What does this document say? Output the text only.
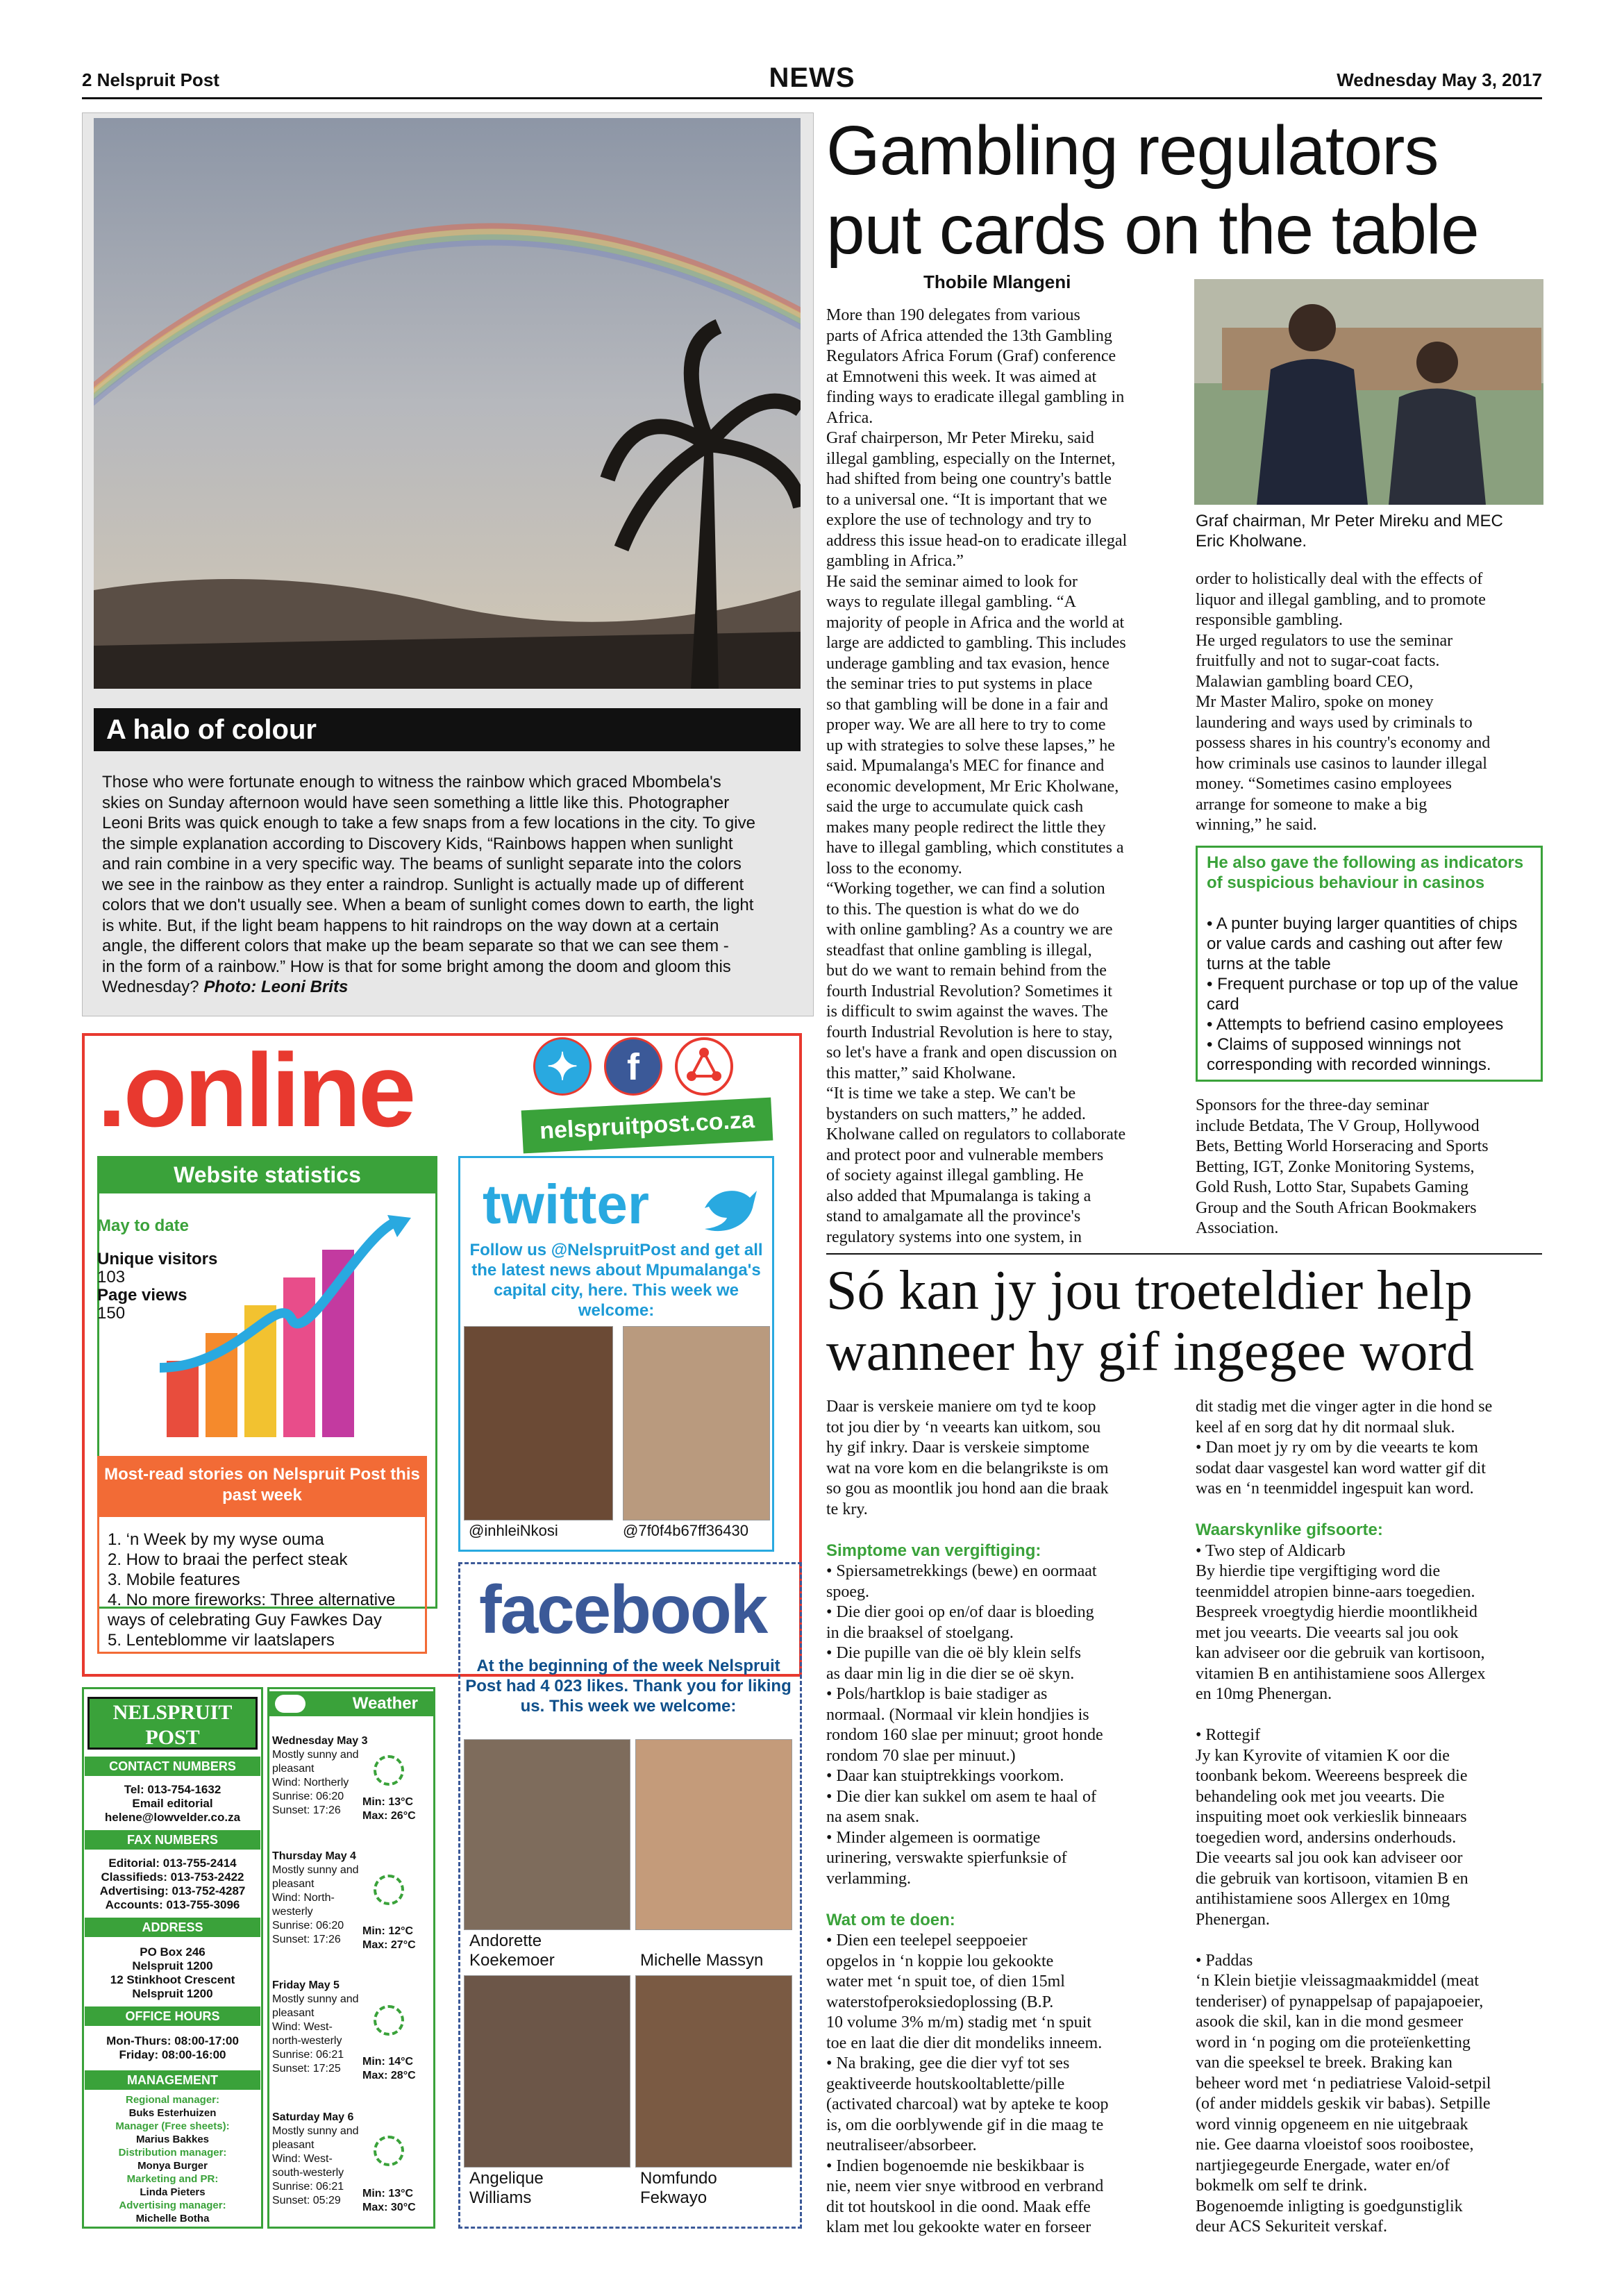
2 Nelspruit Post	NEWS	Wednesday May 3, 2017
A halo of colour
Those who were fortunate enough to witness the rainbow which graced Mbombela's
skies on Sunday afternoon would have seen something a little like this. Photographer
Leoni Brits was quick enough to take a few snaps from a few locations in the city. To give
the simple explanation according to Discovery Kids, “Rainbows happen when sunlight
and rain combine in a very specific way. The beams of sunlight separate into the colors
we see in the rainbow as they enter a raindrop. Sunlight is actually made up of different
colors that we don't usually see. When a beam of sunlight comes down to earth, the light
is white. But, if the light beam happens to hit raindrops on the way down at a certain
angle, the different colors that make up the beam separate so that we can see them -
in the form of a rainbow.” How is that for some bright among the doom and gloom this
Wednesday? Photo: Leoni Brits
.online	✦	f
nelspruitpost.co.za
Website statistics
May to date
Unique visitors
103
Page views
150
Most-read stories on Nelspruit Post this past week
1. ‘n Week by my wyse ouma
2. How to braai the perfect steak
3. Mobile features
4. No more fireworks: Three alternative ways of celebrating Guy Fawkes Day
5. Lenteblomme vir laatslapers
twitter
Follow us @NelspruitPost and get all the latest news about Mpumalanga's capital city, here. This week we welcome:
@inhleiNkosi	@7f0f4b67ff36430
facebook
At the beginning of the week Nelspruit Post had 4 023 likes. Thank you for liking us. This week we welcome:
Andorette
Koekemoer	Michelle Massyn
Angelique
Williams
Nomfundo
Fekwayo
NELSPRUIT
POST
CONTACT NUMBERS
Tel: 013-754-1632
Email editorial
helene@lowvelder.co.za
FAX NUMBERS
Editorial: 013-755-2414
Classifieds: 013-753-2422
Advertising: 013-752-4287
Accounts: 013-755-3096
ADDRESS
PO Box 246
Nelspruit 1200
12 Stinkhoot Crescent
Nelspruit 1200
OFFICE HOURS
Mon-Thurs: 08:00-17:00
Friday: 08:00-16:00
MANAGEMENT
Regional manager:
Buks Esterhuizen
Manager (Free sheets):
Marius Bakkes
Distribution manager:
Monya Burger
Marketing and PR:
Linda Pieters
Advertising manager:
Michelle Botha
Weather
Wednesday May 3
Mostly sunny and
pleasant
Wind: Northerly
Sunrise: 06:20
Sunset: 17:26
Min: 13°C
Max: 26°C
Thursday May 4
Mostly sunny and
pleasant
Wind: North-
westerly
Sunrise: 06:20
Sunset: 17:26
Min: 12°C
Max: 27°C
Friday May 5
Mostly sunny and
pleasant
Wind: West-
north-westerly
Sunrise: 06:21
Sunset: 17:25
Min: 14°C
Max: 28°C
Saturday May 6
Mostly sunny and
pleasant
Wind: West-
south-westerly
Sunrise: 06:21
Sunset: 05:29
Min: 13°C
Max: 30°C
Gambling regulators
put cards on the table
Thobile Mlangeni
More than 190 delegates from various
parts of Africa attended the 13th Gambling
Regulators Africa Forum (Graf) conference
at Emnotweni this week. It was aimed at
finding ways to eradicate illegal gambling in
Africa.
Graf chairperson, Mr Peter Mireku, said
illegal gambling, especially on the Internet,
had shifted from being one country's battle
to a universal one. “It is important that we
explore the use of technology and try to
address this issue head-on to eradicate illegal
gambling in Africa.”
He said the seminar aimed to look for
ways to regulate illegal gambling. “A
majority of people in Africa and the world at
large are addicted to gambling. This includes
underage gambling and tax evasion, hence
the seminar tries to put systems in place
so that gambling will be done in a fair and
proper way. We are all here to try to come
up with strategies to solve these lapses,” he
said. Mpumalanga's MEC for finance and
economic development, Mr Eric Kholwane,
said the urge to accumulate quick cash
makes many people redirect the little they
have to illegal gambling, which constitutes a
loss to the economy.
“Working together, we can find a solution
to this. The question is what do we do
with online gambling? As a country we are
steadfast that online gambling is illegal,
but do we want to remain behind from the
fourth Industrial Revolution? Sometimes it
is difficult to swim against the waves. The
fourth Industrial Revolution is here to stay,
so let's have a frank and open discussion on
this matter,” said Kholwane.
“It is time we take a step. We can't be
bystanders on such matters,” he added.
Kholwane called on regulators to collaborate
and protect poor and vulnerable members
of society against illegal gambling. He
also added that Mpumalanga is taking a
stand to amalgamate all the province's
regulatory systems into one system, in
Graf chairman, Mr Peter Mireku and MEC
Eric Kholwane.
order to holistically deal with the effects of
liquor and illegal gambling, and to promote
responsible gambling.
He urged regulators to use the seminar
fruitfully and not to sugar-coat facts.
Malawian gambling board CEO,
Mr Master Maliro, spoke on money
laundering and ways used by criminals to
possess shares in his country's economy and
how criminals use casinos to launder illegal
money. “Sometimes casino employees
arrange for someone to make a big
winning,” he said.
He also gave the following as indicators of suspicious behaviour in casinos
• A punter buying larger quantities of chips or value cards and cashing out after few turns at the table
• Frequent purchase or top up of the value card
• Attempts to befriend casino employees
• Claims of supposed winnings not corresponding with recorded winnings.
Sponsors for the three-day seminar
include Betdata, The V Group, Hollywood
Bets, Betting World Horseracing and Sports
Betting, IGT, Zonke Monitoring Systems,
Gold Rush, Lotto Star, Supabets Gaming
Group and the South African Bookmakers
Association.
Só kan jy jou troeteldier help
wanneer hy gif ingegee word
Daar is verskeie maniere om tyd te koop
tot jou dier by ‘n veearts kan uitkom, sou
hy gif inkry. Daar is verskeie simptome
wat na vore kom en die belangrikste is om
so gou as moontlik jou hond aan die braak
te kry.

Simptome van vergiftiging:
• Spiersametrekkings (bewe) en oormaat
spoeg.
• Die dier gooi op en/of daar is bloeding
in die braaksel of stoelgang.
• Die pupille van die oë bly klein selfs
as daar min lig in die dier se oë skyn.
• Pols/hartklop is baie stadiger as
normaal. (Normaal vir klein hondjies is
rondom 160 slae per minuut; groot honde
rondom 70 slae per minuut.)
• Daar kan stuiptrekkings voorkom.
• Die dier kan sukkel om asem te haal of
na asem snak.
• Minder algemeen is oormatige
urinering, verswakte spierfunksie of
verlamming.

Wat om te doen:
• Dien een teelepel seeppoeier
opgelos in ‘n koppie lou gekookte
water met ‘n spuit toe, of dien 15ml
waterstofperoksiedoplossing (B.P.
10 volume 3% m/m) stadig met ‘n spuit
toe en laat die dier dit mondeliks inneem.
• Na braking, gee die dier vyf tot ses
geaktiveerde houtskooltablette/pille
(activated charcoal) wat by apteke te koop
is, om die oorblywende gif in die maag te
neutraliseer/absorbeer.
• Indien bogenoemde nie beskikbaar is
nie, neem vier snye witbrood en verbrand
dit tot houtskool in die oond. Maak effe
klam met lou gekookte water en forseer
dit stadig met die vinger agter in die hond se
keel af en sorg dat hy dit normaal sluk.
• Dan moet jy ry om by die veearts te kom
sodat daar vasgestel kan word watter gif dit
was en ‘n teenmiddel ingespuit kan word.

Waarskynlike gifsoorte:
• Two step of Aldicarb
By hierdie tipe vergiftiging word die
teenmiddel atropien binne-aars toegedien.
Bespreek vroegtydig hierdie moontlikheid
met jou veearts. Die veearts sal jou ook
kan adviseer oor die gebruik van kortisoon,
vitamien B en antihistamiene soos Allergex
en 10mg Phenergan.

• Rottegif
Jy kan Kyrovite of vitamien K oor die
toonbank bekom. Weereens bespreek die
behandeling ook met jou veearts. Die
inspuiting moet ook verkieslik binneaars
toegedien word, andersins onderhouds.
Die veearts sal jou ook kan adviseer oor
die gebruik van kortisoon, vitamien B en
antihistamiene soos Allergex en 10mg
Phenergan.

• Paddas
‘n Klein bietjie vleissagmaakmiddel (meat
tenderiser) of pynappelsap of papajapoeier,
asook die skil, kan in die mond gesmeer
word in ‘n poging om die proteïenketting
van die speeksel te breek. Braking kan
beheer word met ‘n pediatriese Valoid-setpil
(of ander middels geskik vir babas). Setpille
word vinnig opgeneem en nie uitgebraak
nie. Gee daarna vloeistof soos rooibostee,
nartjiegegeurde Energade, water en/of
bokmelk om self te drink.
Bogenoemde inligting is goedgunstiglik
deur ACS Sekuriteit verskaf.
